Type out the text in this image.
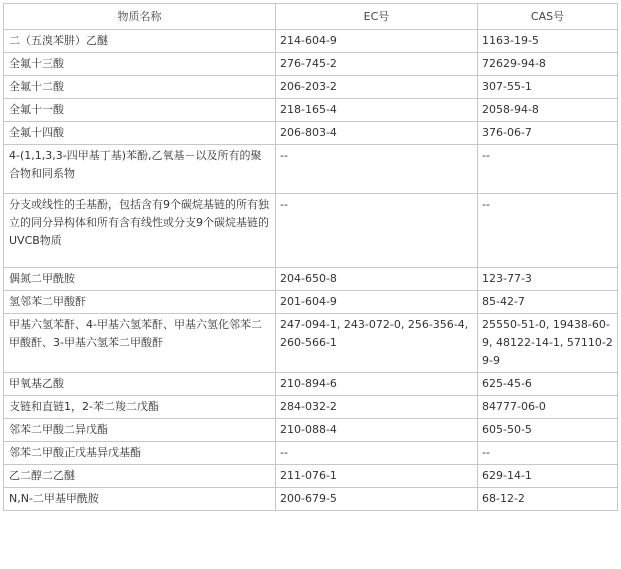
物质名称	EC号	CAS号
二（五溴苯肼）乙醚	214-604-9	1163-19-5
全氟十三酸	276-745-2	72629-94-8
全氟十二酸	206-203-2	307-55-1
全氟十一酸	218-165-4	2058-94-8
全氟十四酸	206-803-4	376-06-7
4-(1,1,3,3-四甲基丁基)苯酚,乙氧基－以及所有的聚合物和同系物	--	--
分支或线性的壬基酚，包括含有9个碳烷基链的所有独立的同分异构体和所有含有线性或分支9个碳烷基链的UVCB物质	--	--
偶氮二甲酰胺	204-650-8	123-77-3
氢邻苯二甲酸酐	201-604-9	85-42-7
甲基六氢苯酐、4-甲基六氢苯酐、甲基六氢化邻苯二甲酸酐、3-甲基六氢苯二甲酸酐	247-094-1, 243-072-0, 256-356-4, 260-566-1	25550-51-0, 19438-60-9, 48122-14-1, 57110-29-9
甲氧基乙酸	210-894-6	625-45-6
支链和直链1，2-苯二羧二戊酯	284-032-2	84777-06-0
邻苯二甲酸二异戊酯	210-088-4	605-50-5
邻苯二甲酸正戊基异戊基酯	--	--
乙二醇二乙醚	211-076-1	629-14-1
N,N-二甲基甲酰胺	200-679-5	68-12-2
